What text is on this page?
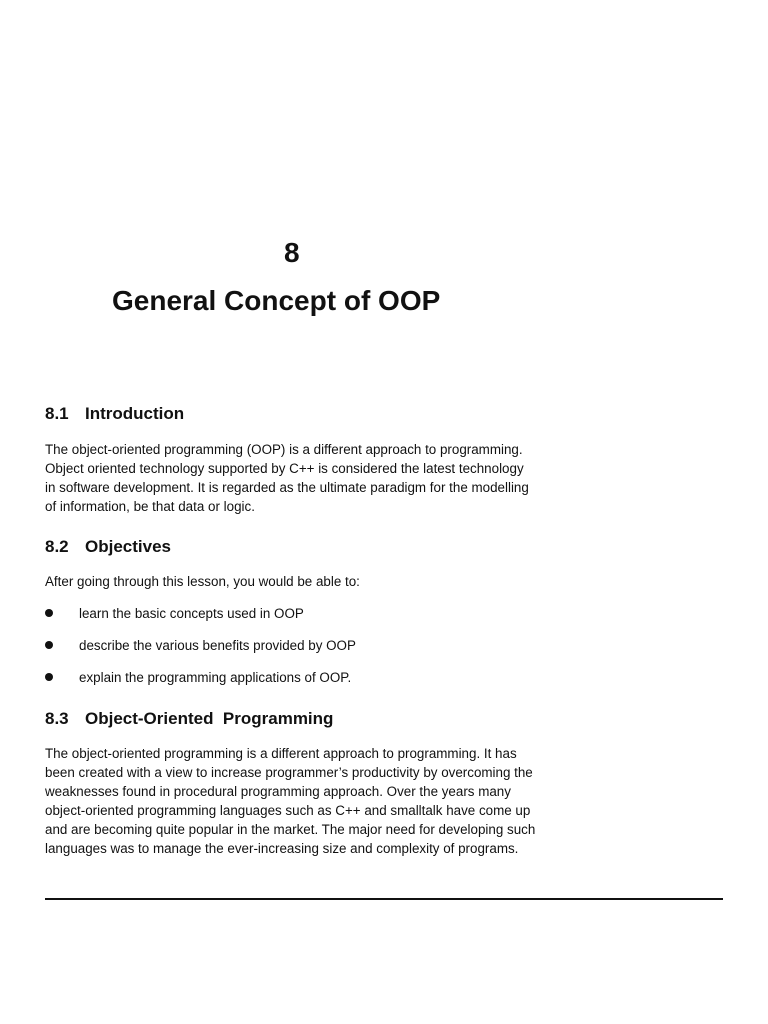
8
General Concept of OOP
8.1 Introduction
The object-oriented programming (OOP) is a different approach to programming.
Object oriented technology supported by C++ is considered the latest technology
in software development. It is regarded as the ultimate paradigm for the modelling
of information, be that data or logic.
8.2 Objectives
After going through this lesson, you would be able to:
learn the basic concepts used in OOP
describe the various benefits provided by OOP
explain the programming applications of OOP.
8.3 Object-Oriented  Programming
The object-oriented programming is a different approach to programming. It has
been created with a view to increase programmer’s productivity by overcoming the
weaknesses found in procedural programming approach. Over the years many
object-oriented programming languages such as C++ and smalltalk have come up
and are becoming quite popular in the market. The major need for developing such
languages was to manage the ever-increasing size and complexity of programs.
